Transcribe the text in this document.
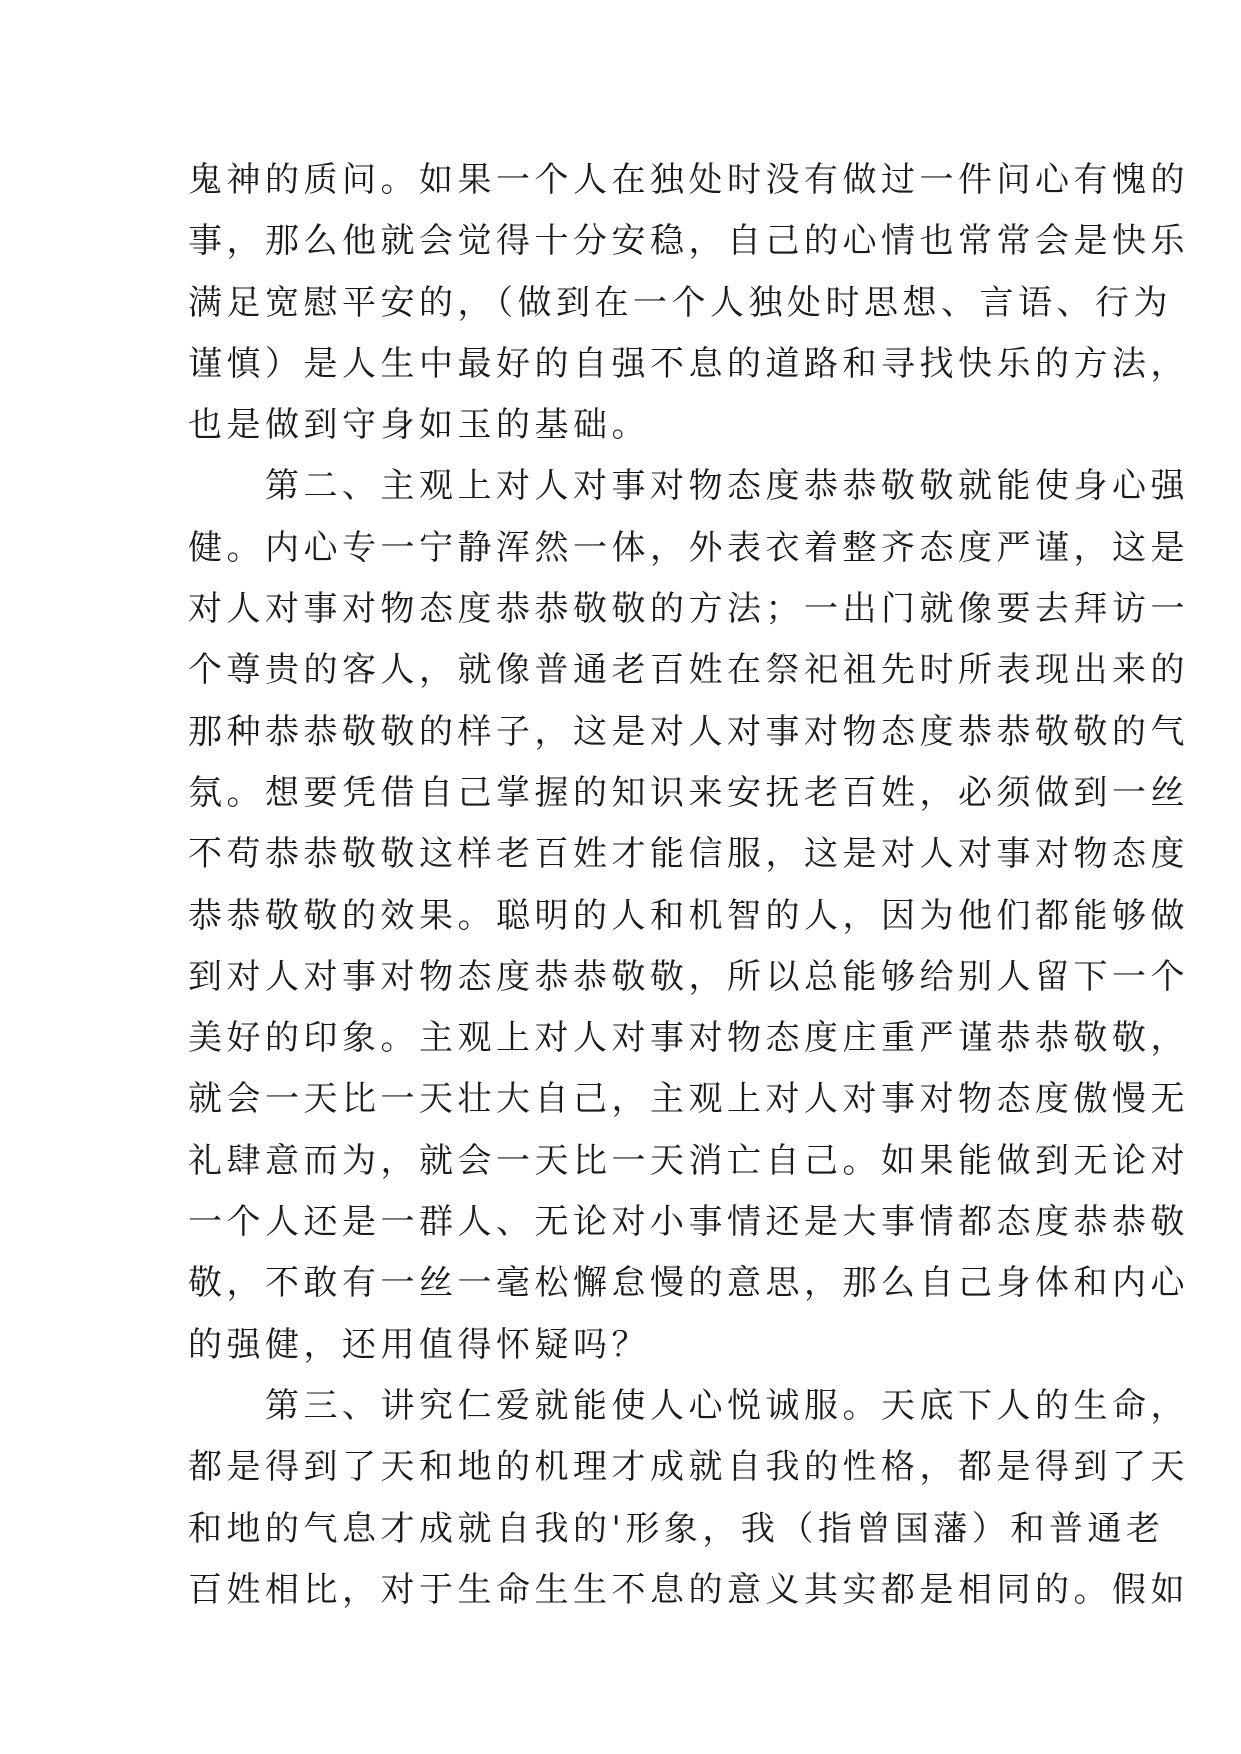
鬼神的质问。如果一个人在独处时没有做过一件问心有愧的
事，那么他就会觉得十分安稳，自己的心情也常常会是快乐
满足宽慰平安的，（做到在一个人独处时思想、言语、行为
谨慎）是人生中最好的自强不息的道路和寻找快乐的方法，
也是做到守身如玉的基础。
第二、主观上对人对事对物态度恭恭敬敬就能使身心强
健。内心专一宁静浑然一体，外表衣着整齐态度严谨，这是
对人对事对物态度恭恭敬敬的方法；一出门就像要去拜访一
个尊贵的客人，就像普通老百姓在祭祀祖先时所表现出来的
那种恭恭敬敬的样子，这是对人对事对物态度恭恭敬敬的气
氛。想要凭借自己掌握的知识来安抚老百姓，必须做到一丝
不苟恭恭敬敬这样老百姓才能信服，这是对人对事对物态度
恭恭敬敬的效果。聪明的人和机智的人，因为他们都能够做
到对人对事对物态度恭恭敬敬，所以总能够给别人留下一个
美好的印象。主观上对人对事对物态度庄重严谨恭恭敬敬，
就会一天比一天壮大自己，主观上对人对事对物态度傲慢无
礼肆意而为，就会一天比一天消亡自己。如果能做到无论对
一个人还是一群人、无论对小事情还是大事情都态度恭恭敬
敬，不敢有一丝一毫松懈怠慢的意思，那么自己身体和内心
的强健，还用值得怀疑吗？
第三、讲究仁爱就能使人心悦诚服。天底下人的生命，
都是得到了天和地的机理才成就自我的性格，都是得到了天
和地的气息才成就自我的'形象，我（指曾国藩）和普通老
百姓相比，对于生命生生不息的意义其实都是相同的。假如
